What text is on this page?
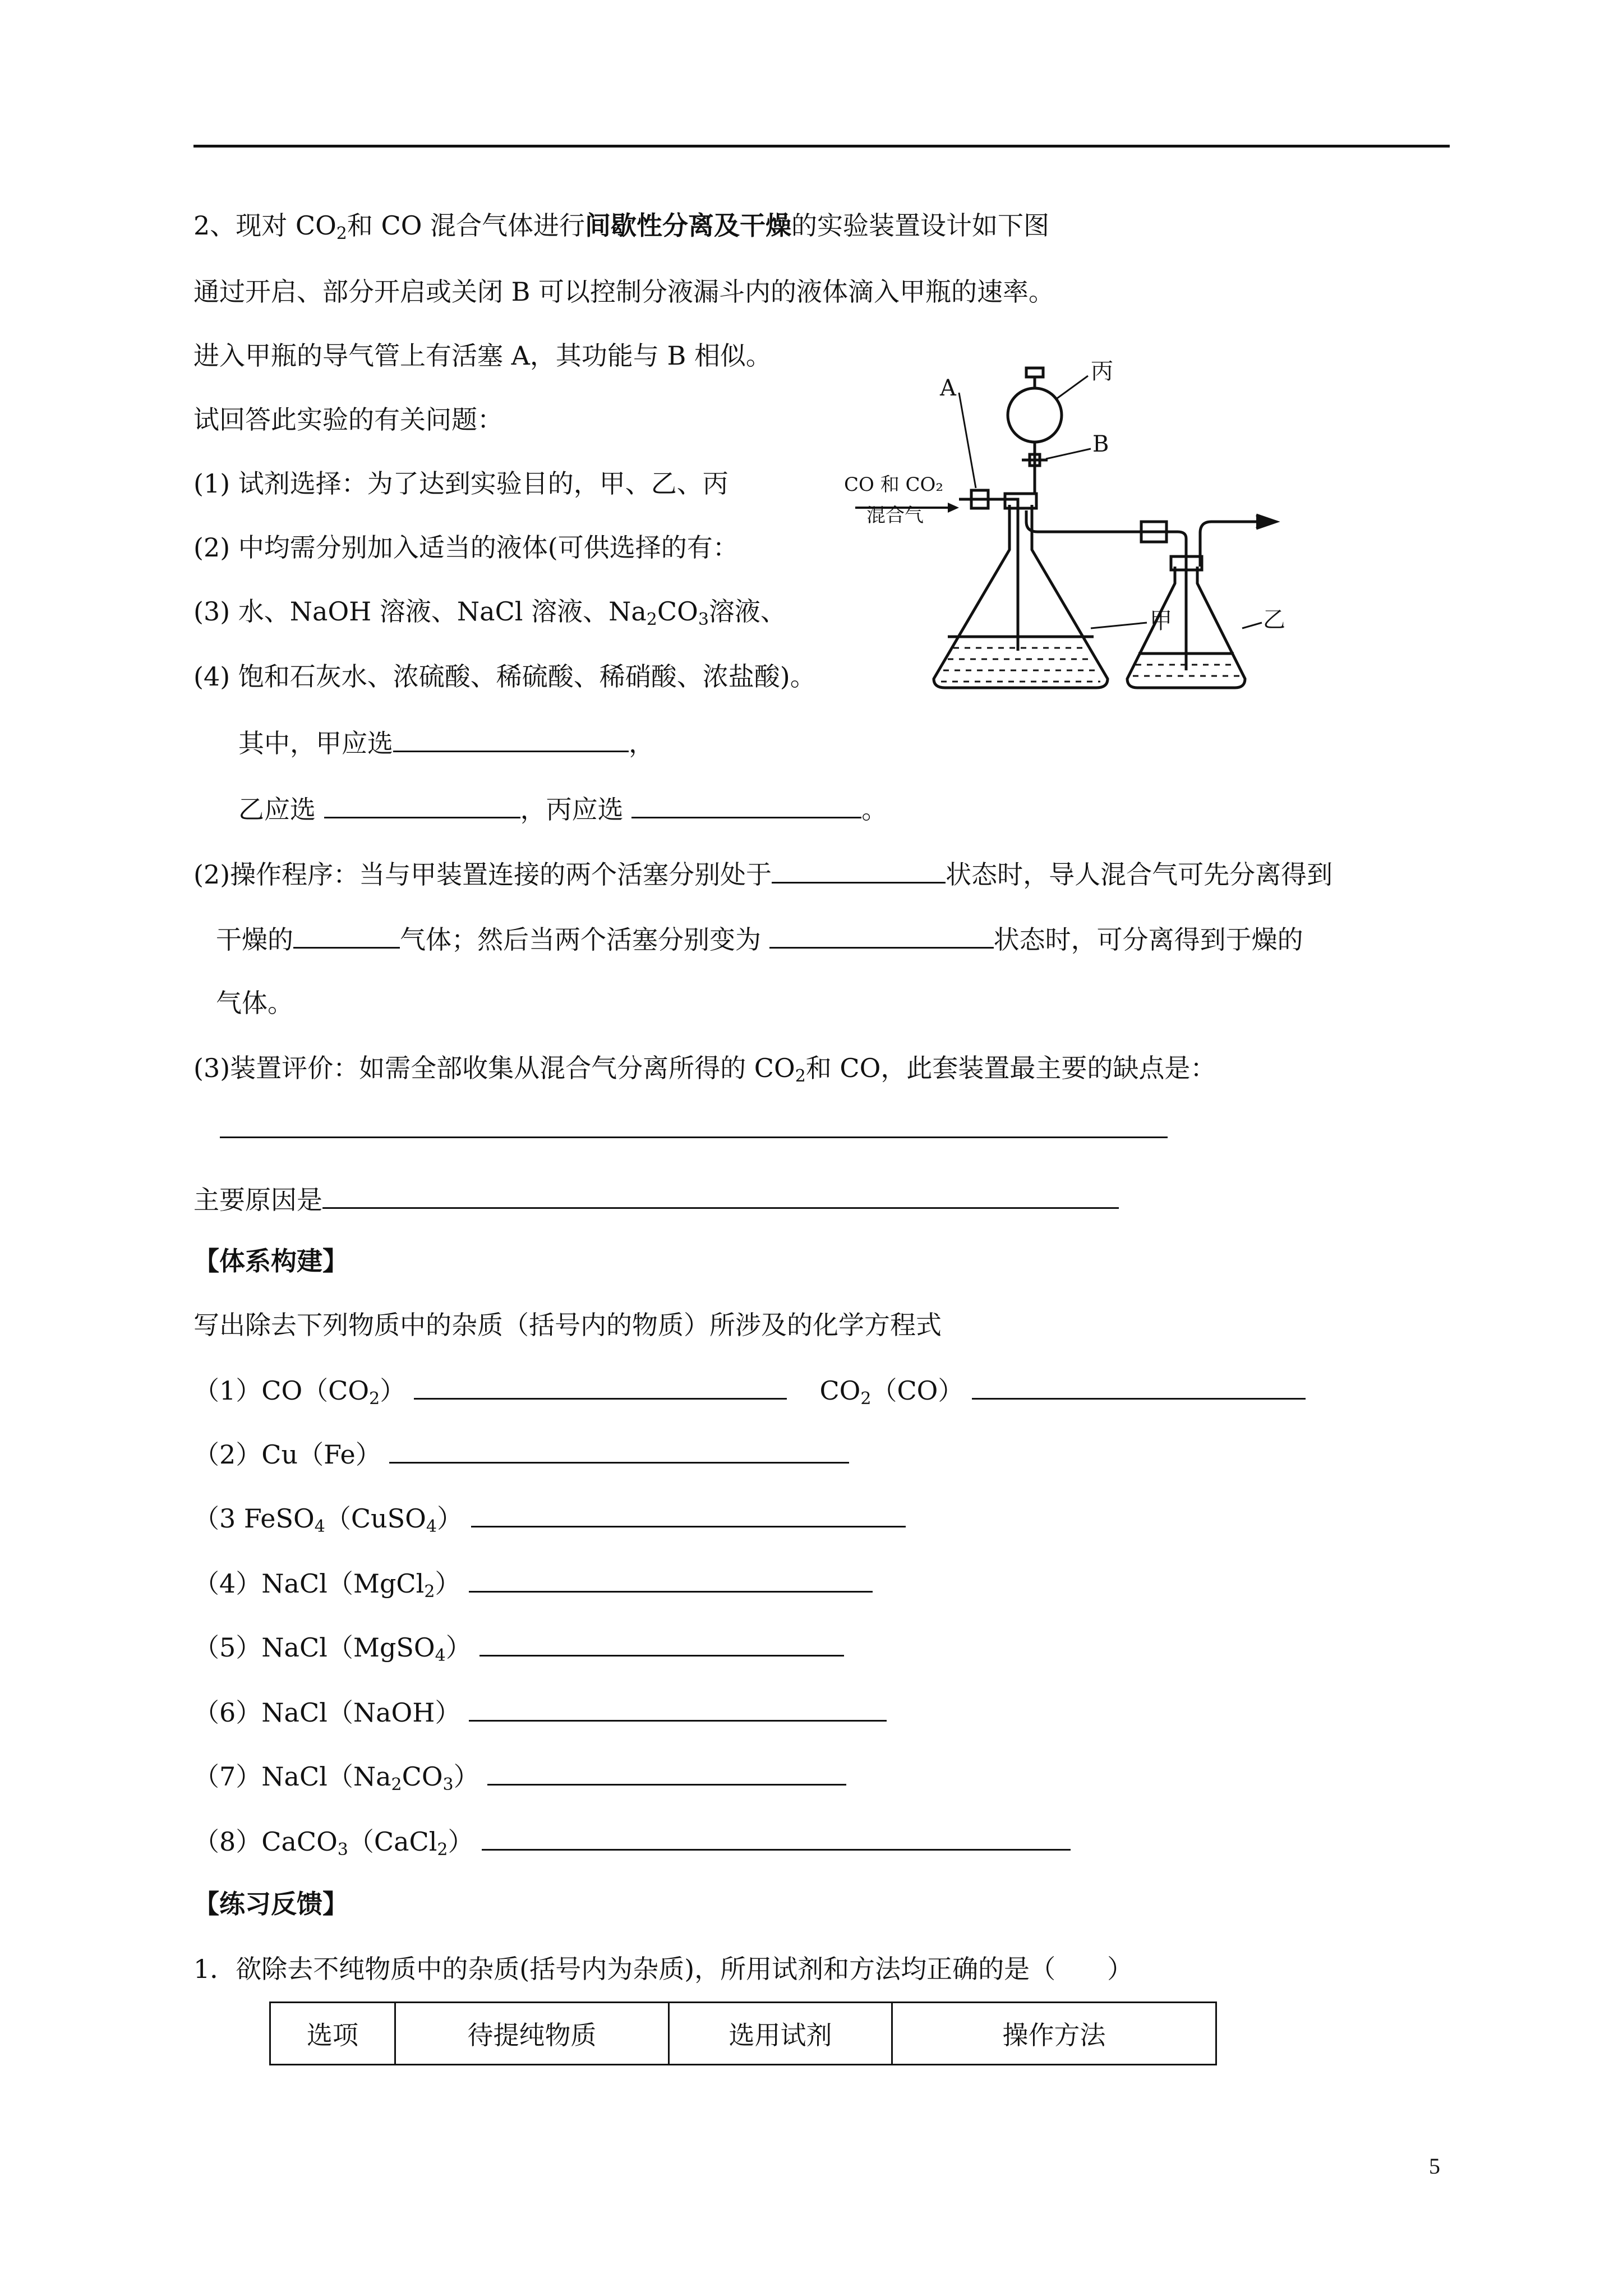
2、现对 $CO_2$和 CO 混合气体进行间歇性分离及干燥的实验装置设计如下图
通过开启、部分开启或关闭 B 可以控制分液漏斗内的液体滴入甲瓶的速率。
进入甲瓶的导气管上有活塞 A，其功能与 B 相似。
试回答此实验的有关问题：
(1) 试剂选择：为了达到实验目的，甲、乙、丙
(2) 中均需分别加入适当的液体(可供选择的有：
(3) 水、NaOH 溶液、NaCl 溶液、$Na_2CO_3$溶液、
(4) 饱和石灰水、浓硫酸、稀硫酸、稀硝酸、浓盐酸)。
其中，甲应选	，
乙应选	，丙应选	。
(2)操作程序：当与甲装置连接的两个活塞分别处于	状态时，导人混合气可先分离得到
干燥的	气体；然后当两个活塞分别变为	状态时，可分离得到于燥的
气体。
(3)装置评价：如需全部收集从混合气分离所得的 $CO_2$和 CO，此套装置最主要的缺点是：
主要原因是
A
丙
B
CO 和 CO₂
混合气
甲	乙
【体系构建】
写出除去下列物质中的杂质（括号内的物质）所涉及的化学方程式
$(1)CO(CO_2)$	$CO_2(CO)$
（2）Cu（Fe）
（3 FeSO$_4$（CuSO$_4$）
（4）NaCl（MgCl$_2$）
（5）NaCl（MgSO$_4$）
（6）NaCl（NaOH）
$(7)NaCl(Na_2CO_3)$
（8）CaCO$_3$（CaCl$_2$）
【练习反馈】
1．欲除去不纯物质中的杂质(括号内为杂质)，所用试剂和方法均正确的是（　　）
选项	待提纯物质	选用试剂	操作方法
5
